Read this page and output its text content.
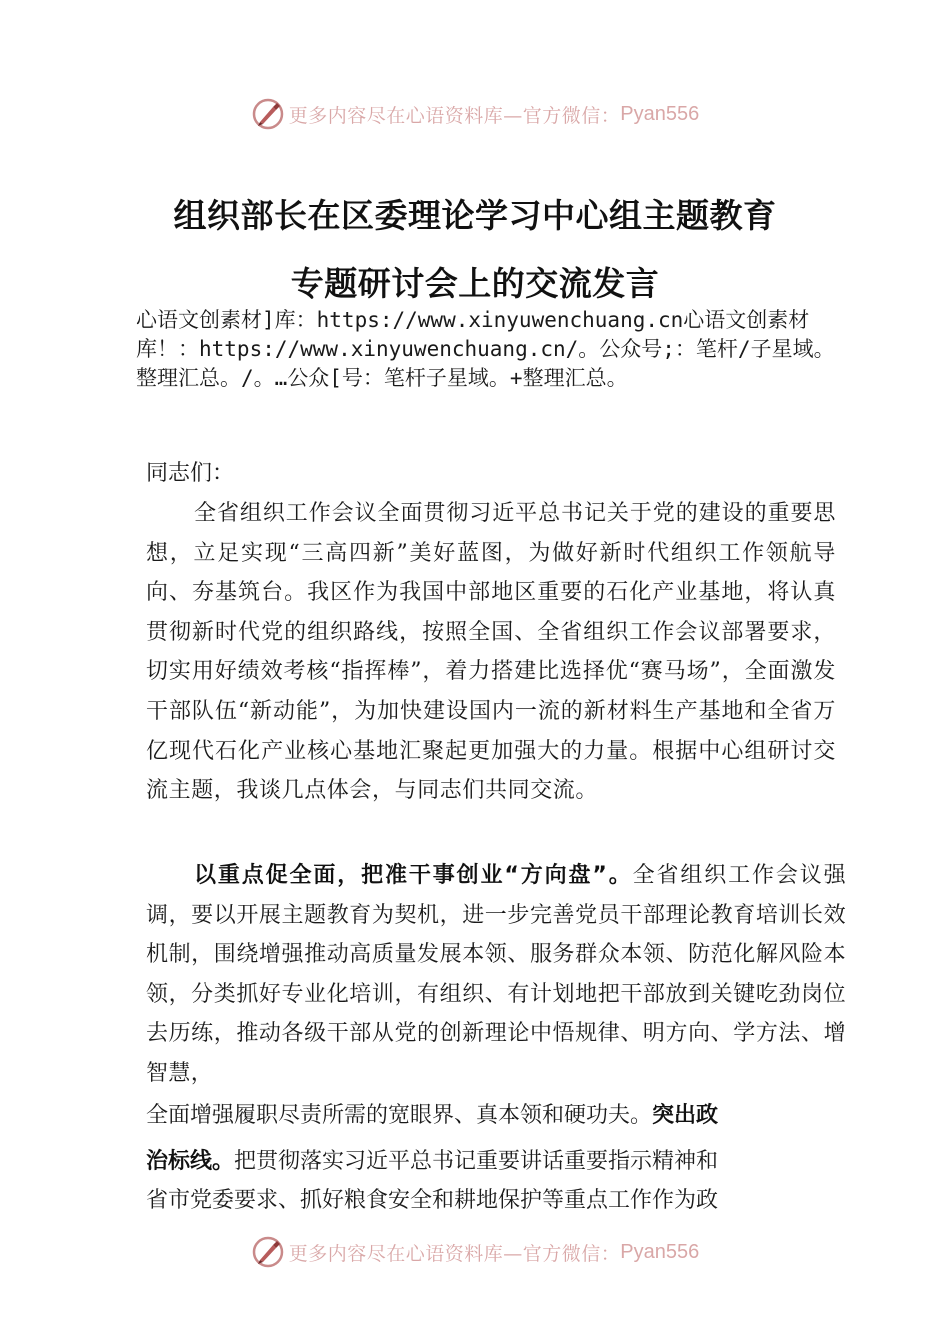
更多内容尽在心语资料库—官方微信： Pyan556
组织部长在区委理论学习中心组主题教育
专题研讨会上的交流发言
心语文创素材]库：https://www.xinyuwenchuang.cn心语文创素材库！：https://www.xinyuwenchuang.cn/。公众号;：笔杆/子星域。整理汇总。/。…公众[号：笔杆子星域。+整理汇总。
同志们：
全省组织工作会议全面贯彻习近平总书记关于党的建设的重要思想，立足实现“三高四新”美好蓝图，为做好新时代组织工作领航导向、夯基筑台。我区作为我国中部地区重要的石化产业基地，将认真贯彻新时代党的组织路线，按照全国、全省组织工作会议部署要求，切实用好绩效考核“指挥棒”，着力搭建比选择优“赛马场”，全面激发干部队伍“新动能”，为加快建设国内一流的新材料生产基地和全省万亿现代石化产业核心基地汇聚起更加强大的力量。根据中心组研讨交流主题，我谈几点体会，与同志们共同交流。
以重点促全面，把准干事创业“方向盘”。全省组织工作会议强调，要以开展主题教育为契机，进一步完善党员干部理论教育培训长效机制，围绕增强推动高质量发展本领、服务群众本领、防范化解风险本领，分类抓好专业化培训，有组织、有计划地把干部放到关键吃劲岗位去历练，推动各级干部从党的创新理论中悟规律、明方向、学方法、增智慧，
全面增强履职尽责所需的宽眼界、真本领和硬功夫。突出政
治标线。把贯彻落实习近平总书记重要讲话重要指示精神和
省市党委要求、抓好粮食安全和耕地保护等重点工作作为政
更多内容尽在心语资料库—官方微信： Pyan556
